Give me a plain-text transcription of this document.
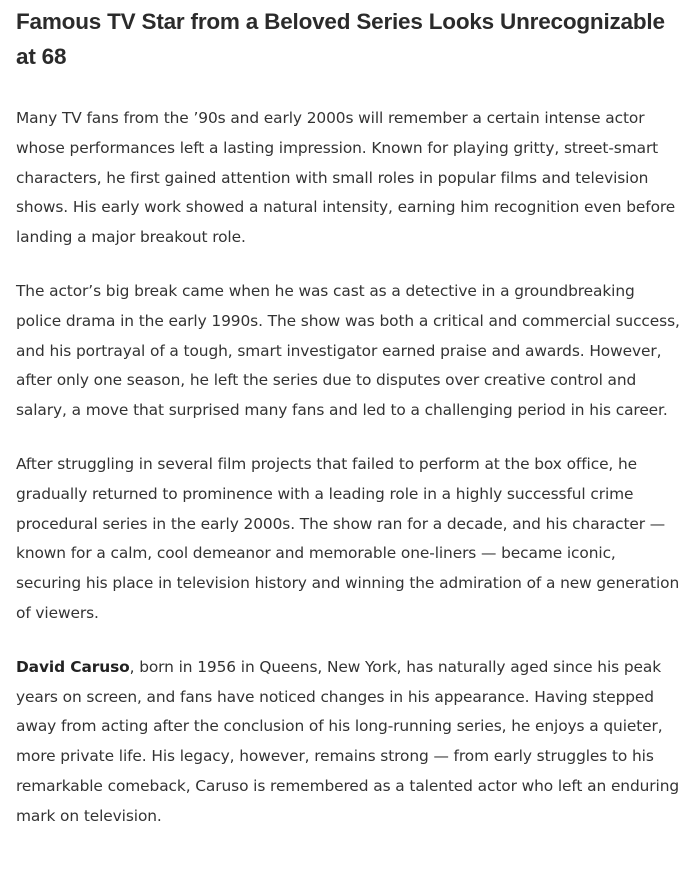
Famous TV Star from a Beloved Series Looks Unrecognizable at 68

Many TV fans from the ’90s and early 2000s will remember a certain intense actor whose performances left a lasting impression. Known for playing gritty, street-smart characters, he first gained attention with small roles in popular films and television shows. His early work showed a natural intensity, earning him recognition even before landing a major breakout role.

The actor’s big break came when he was cast as a detective in a groundbreaking police drama in the early 1990s. The show was both a critical and commercial success, and his portrayal of a tough, smart investigator earned praise and awards. However, after only one season, he left the series due to disputes over creative control and salary, a move that surprised many fans and led to a challenging period in his career.

After struggling in several film projects that failed to perform at the box office, he gradually returned to prominence with a leading role in a highly successful crime procedural series in the early 2000s. The show ran for a decade, and his character — known for a calm, cool demeanor and memorable one-liners — became iconic, securing his place in television history and winning the admiration of a new generation of viewers.

David Caruso, born in 1956 in Queens, New York, has naturally aged since his peak years on screen, and fans have noticed changes in his appearance. Having stepped away from acting after the conclusion of his long-running series, he enjoys a quieter, more private life. His legacy, however, remains strong — from early struggles to his remarkable comeback, Caruso is remembered as a talented actor who left an enduring mark on television.
